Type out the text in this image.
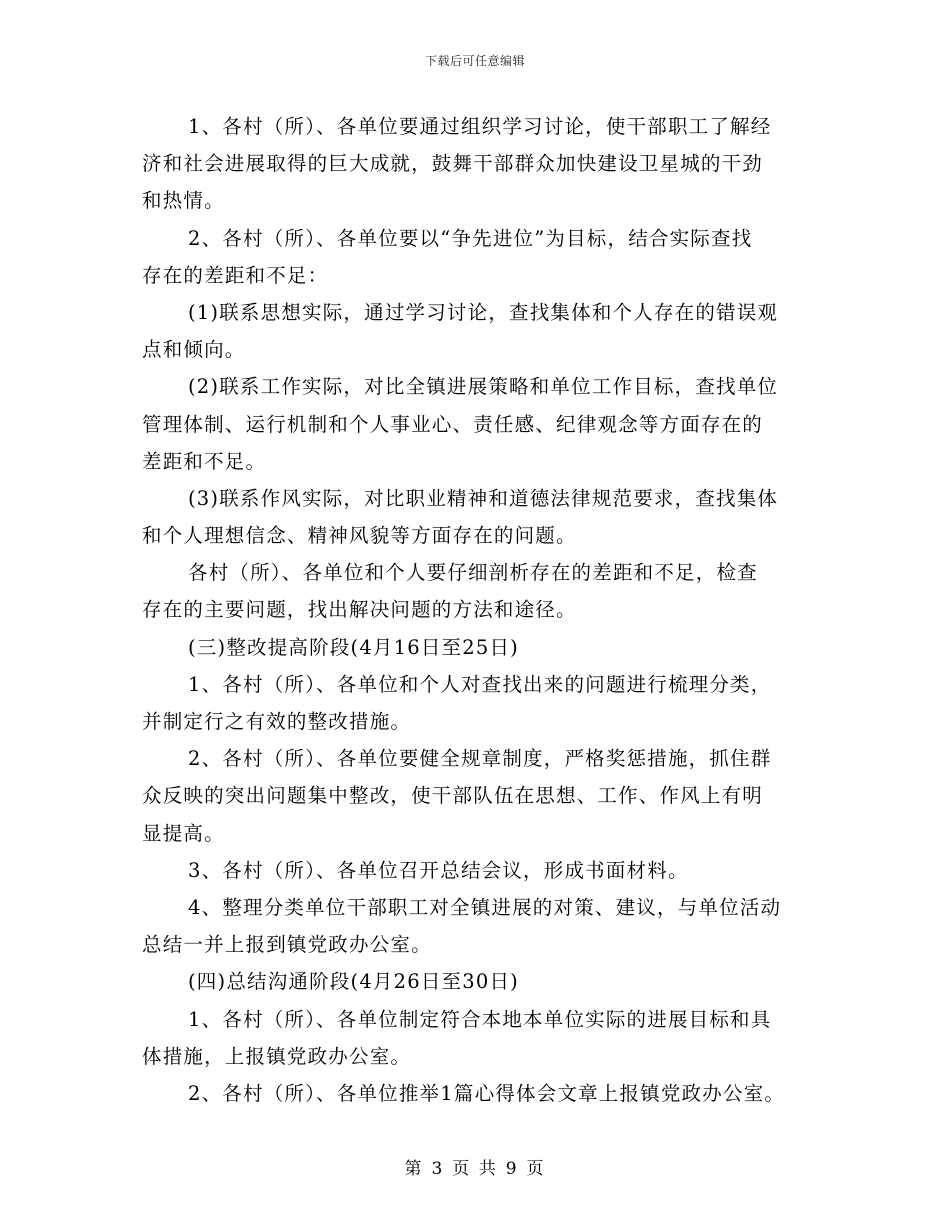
下载后可任意编辑
1、各村（所）、各单位要通过组织学习讨论，使干部职工了解经
济和社会进展取得的巨大成就，鼓舞干部群众加快建设卫星城的干劲
和热情。
2、各村（所）、各单位要以“争先进位”为目标，结合实际查找
存在的差距和不足：
(1)联系思想实际，通过学习讨论，查找集体和个人存在的错误观
点和倾向。
(2)联系工作实际，对比全镇进展策略和单位工作目标，查找单位
管理体制、运行机制和个人事业心、责任感、纪律观念等方面存在的
差距和不足。
(3)联系作风实际，对比职业精神和道德法律规范要求，查找集体
和个人理想信念、精神风貌等方面存在的问题。
各村（所）、各单位和个人要仔细剖析存在的差距和不足，检查
存在的主要问题，找出解决问题的方法和途径。
(三)整改提高阶段(4月16日至25日)
1、各村（所）、各单位和个人对查找出来的问题进行梳理分类，
并制定行之有效的整改措施。
2、各村（所）、各单位要健全规章制度，严格奖惩措施，抓住群
众反映的突出问题集中整改，使干部队伍在思想、工作、作风上有明
显提高。
3、各村（所）、各单位召开总结会议，形成书面材料。
4、整理分类单位干部职工对全镇进展的对策、建议，与单位活动
总结一并上报到镇党政办公室。
(四)总结沟通阶段(4月26日至30日)
1、各村（所）、各单位制定符合本地本单位实际的进展目标和具
体措施，上报镇党政办公室。
2、各村（所）、各单位推举1篇心得体会文章上报镇党政办公室。
第 3 页 共 9 页
